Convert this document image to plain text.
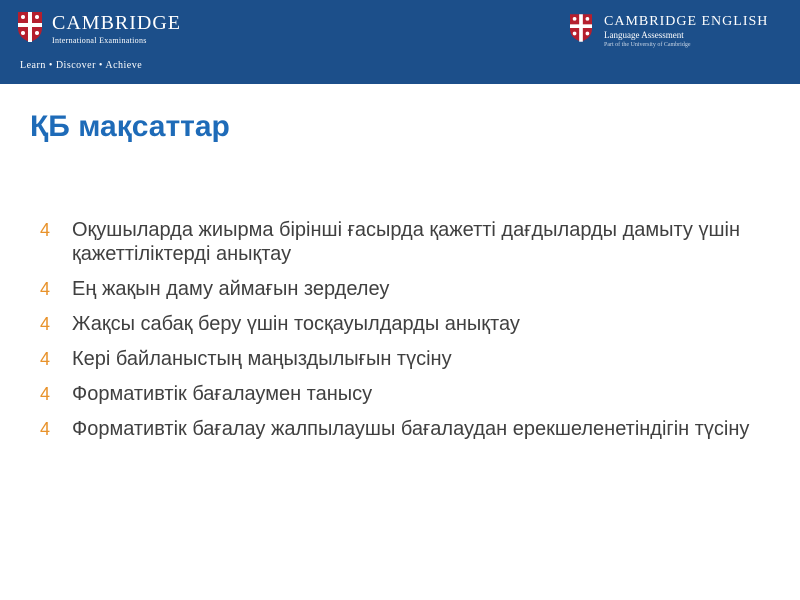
CAMBRIDGE
International Examinations
Learn • Discover • Achieve
CAMBRIDGE ENGLISH
Language Assessment
Part of the University of Cambridge
ҚБ мақсаттар
4	Оқушыларда жиырма бірінші ғасырда қажетті дағдыларды дамыту үшін қажеттіліктерді анықтау
4	Ең жақын даму аймағын зерделеу
4	Жақсы сабақ беру үшін тосқауылдарды анықтау
4	Кері байланыстың маңыздылығын түсіну
4	Формативтік бағалаумен танысу
4	Формативтік бағалау жалпылаушы бағалаудан ерекшеленетіндігін түсіну
